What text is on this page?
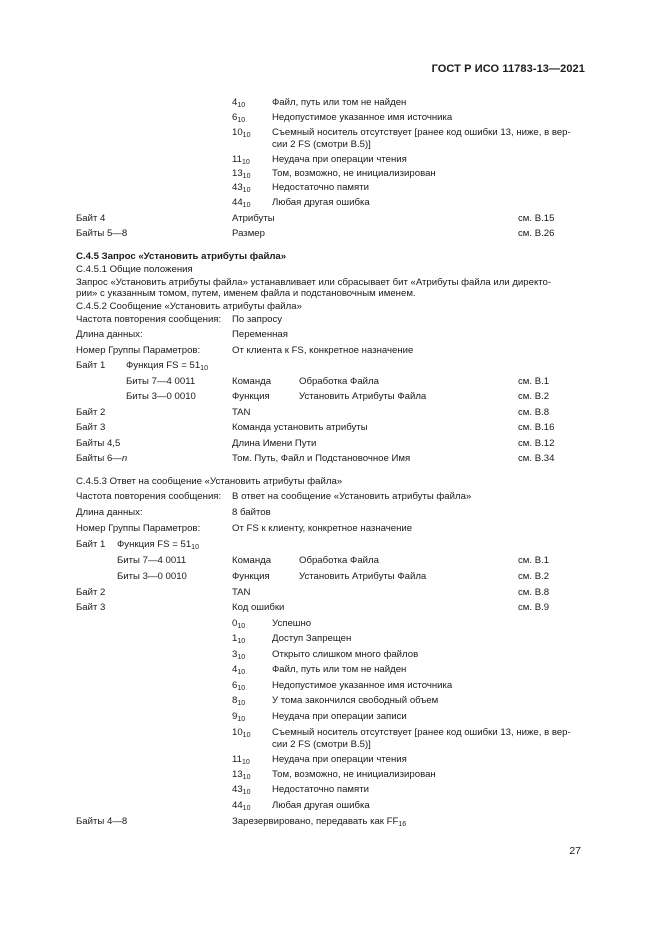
ГОСТ Р ИСО 11783-13—2021
$4_{10}$	Файл, путь или том не найден
$6_{10}$	Недопустимое указанное имя источника
$10_{10}$ Съемный носитель отсутствует [ранее код ошибки 13, ниже, в вер-
сии 2 FS (смотри В.5)]
$11_{10}$ Неудача при операции чтения
$13_{10}$ Том, возможно, не инициализирован
$43_{10}$ Недостаточно памяти
$44_{10}$ Любая другая ошибка
Байт 4	Атрибуты	см. В.15
Байты 5—8	Размер	см. В.26
С.4.5 Запрос «Установить атрибуты файла»
С.4.5.1 Общие положения
Запрос «Установить атрибуты файла» устанавливает или сбрасывает бит «Атрибуты файла или директо-
рии» с указанным томом, путем, именем файла и подстановочным именем.
С.4.5.2 Сообщение «Установить атрибуты файла»
Частота повторения сообщения: По запросу
Длина данных:	Переменная
Номер Группы Параметров:	От клиента к FS, конкретное назначение
Байт 1 Функция FS = $51_{10}$
Биты 7—4 0011	Команда	Обработка Файла	см. В.1
Биты 3—0 0010	Функция	Установить Атрибуты Файла	см. В.2
Байт 2	TAN	см. В.8
Байт 3	Команда установить атрибуты	см. В.16
Байты 4,5	Длина Имени Пути	см. В.12
Байты 6—n	Том. Путь, Файл и Подстановочное Имя	см. В.34
С.4.5.3 Ответ на сообщение «Установить атрибуты файла»
Частота повторения сообщения: В ответ на сообщение «Установить атрибуты файла»
Длина данных:	8 байтов
Номер Группы Параметров:	От FS к клиенту, конкретное назначение
Байт 1 Функция FS = $51_{10}$
Биты 7—4 0011	Команда	Обработка Файла	см. В.1
Биты 3—0 0010	Функция	Установить Атрибуты Файла	см. В.2
Байт 2	TAN	см. В.8
Байт 3	Код ошибки	см. В.9
$0_{10}$	Успешно
$1_{10}$	Доступ Запрещен
$3_{10}$	Открыто слишком много файлов
$4_{10}$	Файл, путь или том не найден
$6_{10}$	Недопустимое указанное имя источника
$8_{10}$	У тома закончился свободный объем
$9_{10}$	Неудача при операции записи
$10_{10}$ Съемный носитель отсутствует [ранее код ошибки 13, ниже, в вер-
сии 2 FS (смотри В.5)]
$11_{10}$ Неудача при операции чтения
$13_{10}$ Том, возможно, не инициализирован
$43_{10}$ Недостаточно памяти
$44_{10}$ Любая другая ошибка
Байты 4—8	Зарезервировано, передавать как $FF_{16}$
27
